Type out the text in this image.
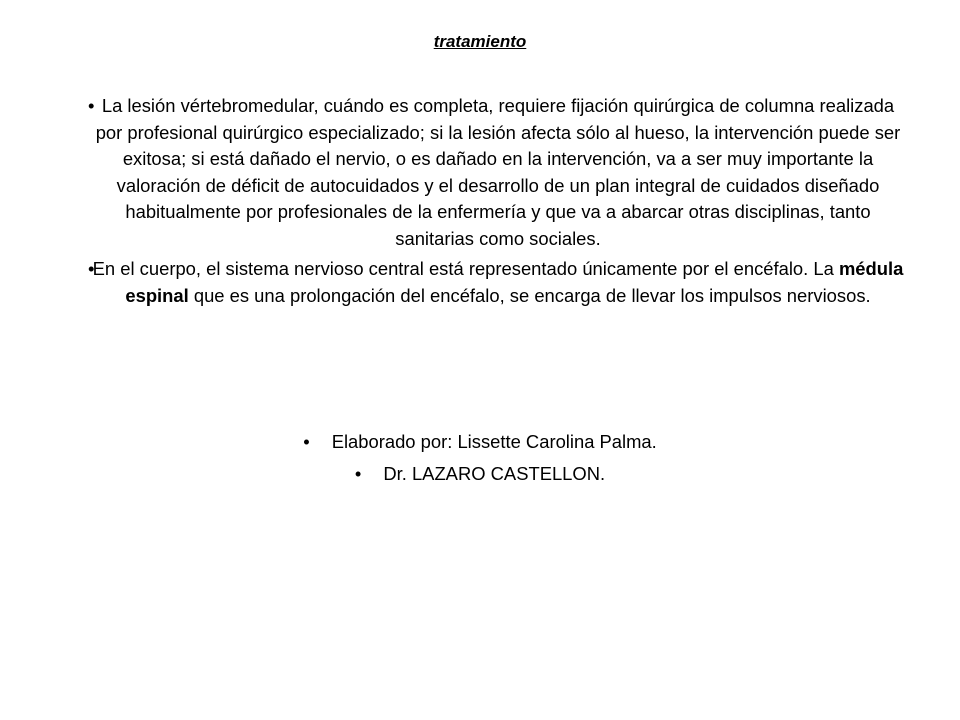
tratamiento
• La lesión vértebromedular, cuándo es completa, requiere fijación quirúrgica de columna realizada por profesional quirúrgico especializado; si la lesión afecta sólo al hueso, la intervención puede ser exitosa; si está dañado el nervio, o es dañado en la intervención, va a ser muy importante la valoración de déficit de autocuidados y el desarrollo de un plan integral de cuidados diseñado habitualmente por profesionales de la enfermería y que va a abarcar otras disciplinas, tanto sanitarias como sociales.
•
En el cuerpo, el sistema nervioso central está representado únicamente por el encéfalo. La médula espinal que es una prolongación del encéfalo, se encarga de llevar los impulsos nerviosos.
• Elaborado por: Lissette Carolina Palma.
• Dr. LAZARO CASTELLON.
